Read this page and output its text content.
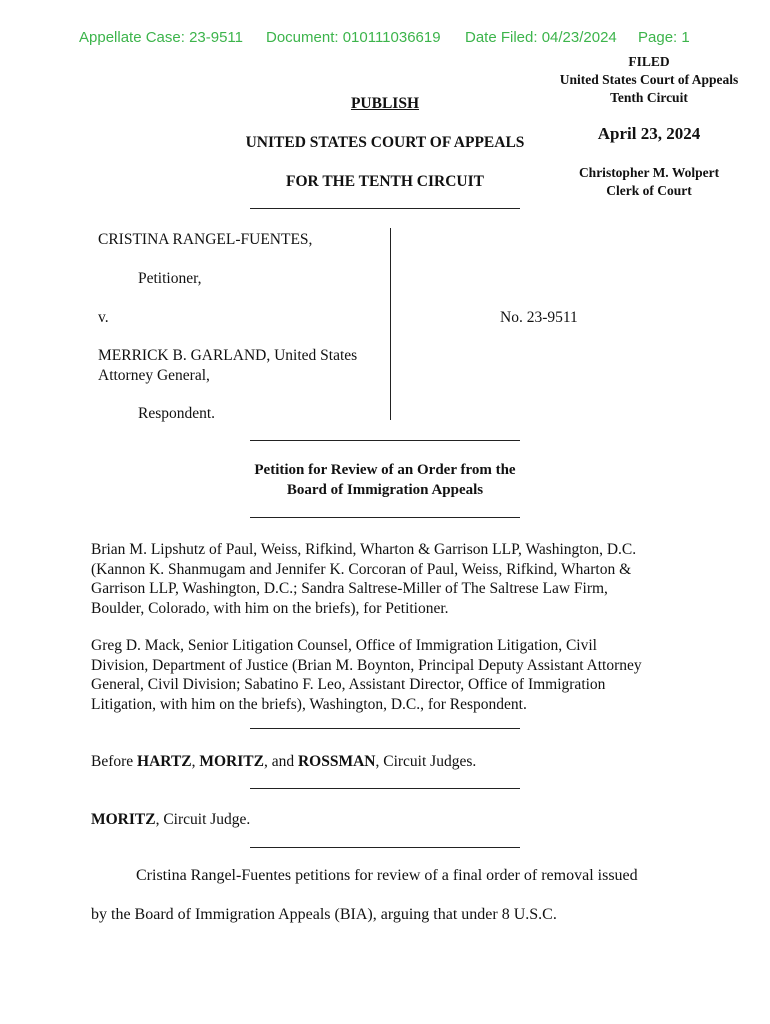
Appellate Case: 23-9511 Document: 010111036619 Date Filed: 04/23/2024 Page: 1
FILED
United States Court of Appeals
Tenth Circuit
April 23, 2024
Christopher M. Wolpert
Clerk of Court
PUBLISH
UNITED STATES COURT OF APPEALS
FOR THE TENTH CIRCUIT
CRISTINA RANGEL-FUENTES,
Petitioner,
v.	No. 23-9511
MERRICK B. GARLAND, United States
Attorney General,
Respondent.
Petition for Review of an Order from the
Board of Immigration Appeals
Brian M. Lipshutz of Paul, Weiss, Rifkind, Wharton & Garrison LLP, Washington, D.C.
(Kannon K. Shanmugam and Jennifer K. Corcoran of Paul, Weiss, Rifkind, Wharton &
Garrison LLP, Washington, D.C.; Sandra Saltrese-Miller of The Saltrese Law Firm,
Boulder, Colorado, with him on the briefs), for Petitioner.
Greg D. Mack, Senior Litigation Counsel, Office of Immigration Litigation, Civil
Division, Department of Justice (Brian M. Boynton, Principal Deputy Assistant Attorney
General, Civil Division; Sabatino F. Leo, Assistant Director, Office of Immigration
Litigation, with him on the briefs), Washington, D.C., for Respondent.
Before HARTZ, MORITZ, and ROSSMAN, Circuit Judges.
MORITZ, Circuit Judge.
Cristina Rangel-Fuentes petitions for review of a final order of removal issued
by the Board of Immigration Appeals (BIA), arguing that under 8 U.S.C.
